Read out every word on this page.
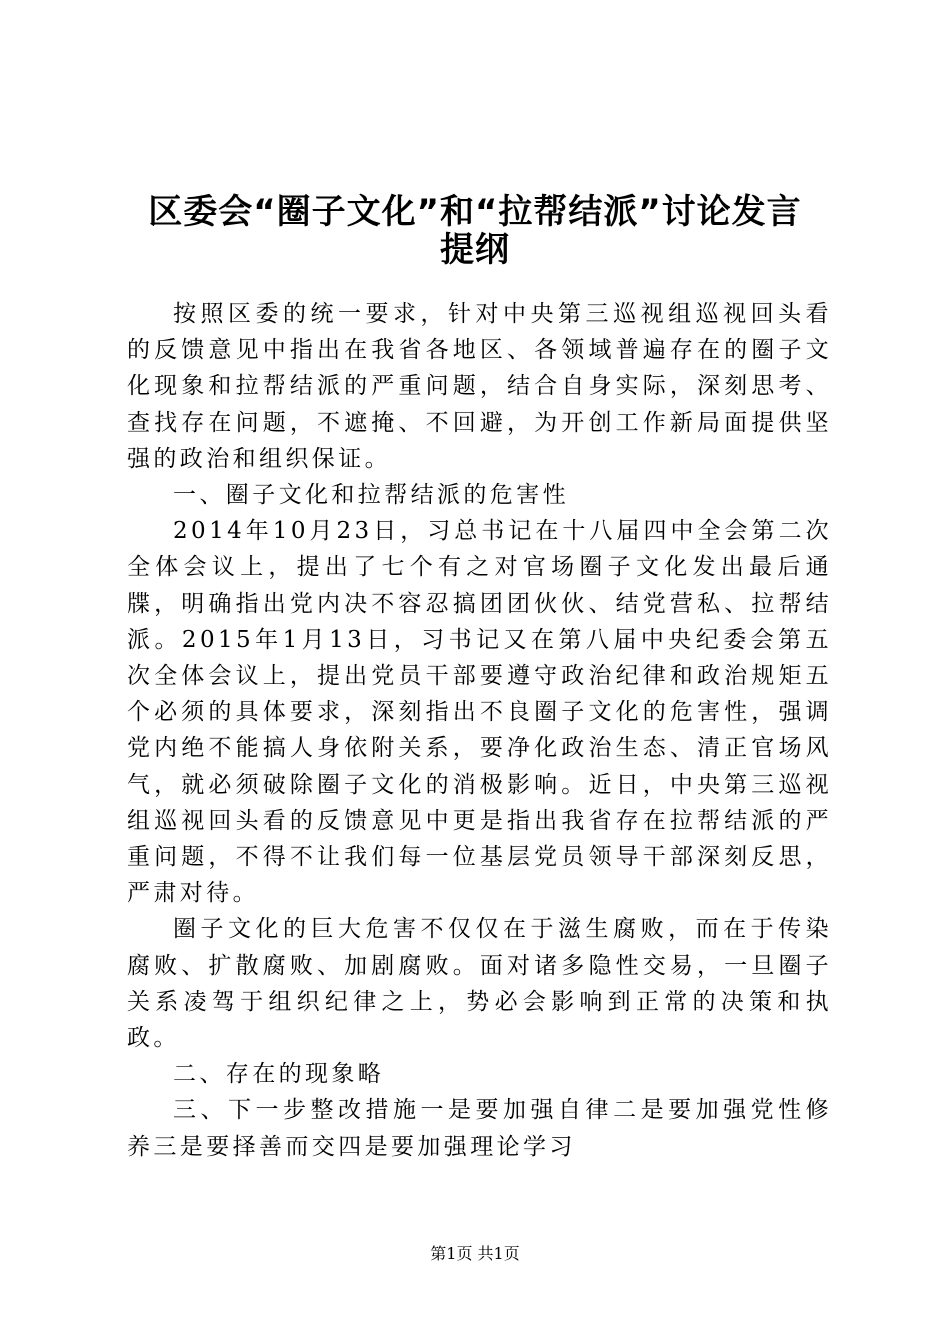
区委会“圈子文化”和“拉帮结派”讨论发言
提纲

按照区委的统一要求，针对中央第三巡视组巡视回头看的反馈意见中指出在我省各地区、各领域普遍存在的圈子文化现象和拉帮结派的严重问题，结合自身实际，深刻思考、查找存在问题，不遮掩、不回避，为开创工作新局面提供坚强的政治和组织保证。

一、圈子文化和拉帮结派的危害性

2014年10月23日，习总书记在十八届四中全会第二次全体会议上，提出了七个有之对官场圈子文化发出最后通牒，明确指出党内决不容忍搞团团伙伙、结党营私、拉帮结派。2015年1月13日，习书记又在第八届中央纪委会第五次全体会议上，提出党员干部要遵守政治纪律和政治规矩五个必须的具体要求，深刻指出不良圈子文化的危害性，强调党内绝不能搞人身依附关系，要净化政治生态、清正官场风气，就必须破除圈子文化的消极影响。近日，中央第三巡视组巡视回头看的反馈意见中更是指出我省存在拉帮结派的严重问题，不得不让我们每一位基层党员领导干部深刻反思，严肃对待。

圈子文化的巨大危害不仅仅在于滋生腐败，而在于传染腐败、扩散腐败、加剧腐败。面对诸多隐性交易，一旦圈子关系凌驾于组织纪律之上，势必会影响到正常的决策和执政。

二、存在的现象略

三、下一步整改措施一是要加强自律二是要加强党性修养三是要择善而交四是要加强理论学习

第1页 共1页
